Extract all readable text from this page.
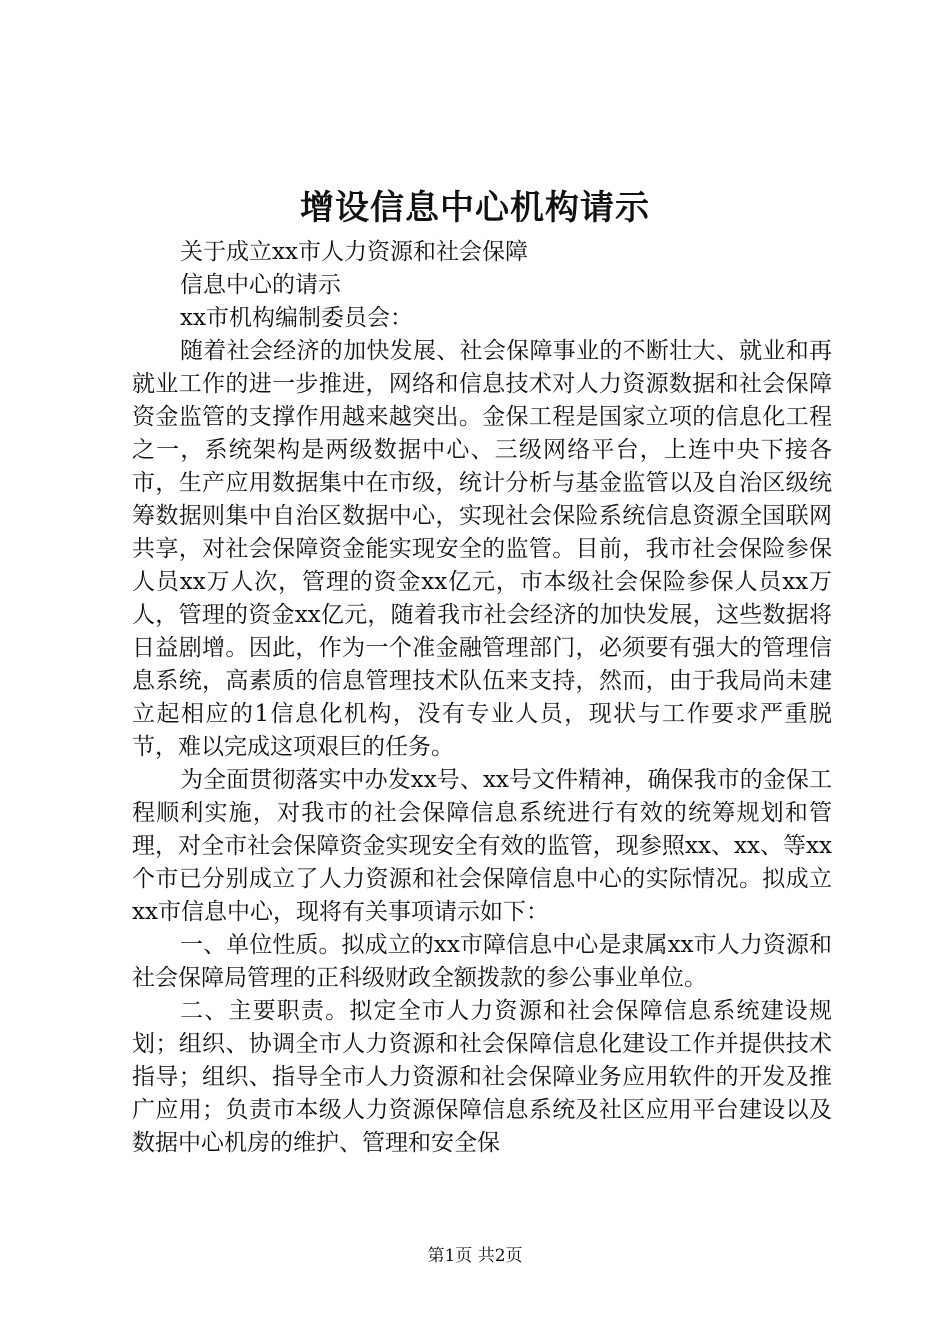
增设信息中心机构请示

关于成立xx市人力资源和社会保障

信息中心的请示

xx市机构编制委员会：

随着社会经济的加快发展、社会保障事业的不断壮大、就业和再就业工作的进一步推进，网络和信息技术对人力资源数据和社会保障资金监管的支撑作用越来越突出。金保工程是国家立项的信息化工程之一，系统架构是两级数据中心、三级网络平台，上连中央下接各市，生产应用数据集中在市级，统计分析与基金监管以及自治区级统筹数据则集中自治区数据中心，实现社会保险系统信息资源全国联网共享，对社会保障资金能实现安全的监管。目前，我市社会保险参保人员xx万人次，管理的资金xx亿元，市本级社会保险参保人员xx万人，管理的资金xx亿元，随着我市社会经济的加快发展，这些数据将日益剧增。因此，作为一个准金融管理部门，必须要有强大的管理信息系统，高素质的信息管理技术队伍来支持，然而，由于我局尚未建立起相应的1信息化机构，没有专业人员，现状与工作要求严重脱节，难以完成这项艰巨的任务。

为全面贯彻落实中办发xx号、xx号文件精神，确保我市的金保工程顺利实施，对我市的社会保障信息系统进行有效的统筹规划和管理，对全市社会保障资金实现安全有效的监管，现参照xx、xx、等xx个市已分别成立了人力资源和社会保障信息中心的实际情况。拟成立xx市信息中心，现将有关事项请示如下：

一、单位性质。拟成立的xx市障信息中心是隶属xx市人力资源和社会保障局管理的正科级财政全额拨款的参公事业单位。

二、主要职责。拟定全市人力资源和社会保障信息系统建设规划；组织、协调全市人力资源和社会保障信息化建设工作并提供技术指导；组织、指导全市人力资源和社会保障业务应用软件的开发及推广应用；负责市本级人力资源保障信息系统及社区应用平台建设以及数据中心机房的维护、管理和安全保

第1页 共2页
